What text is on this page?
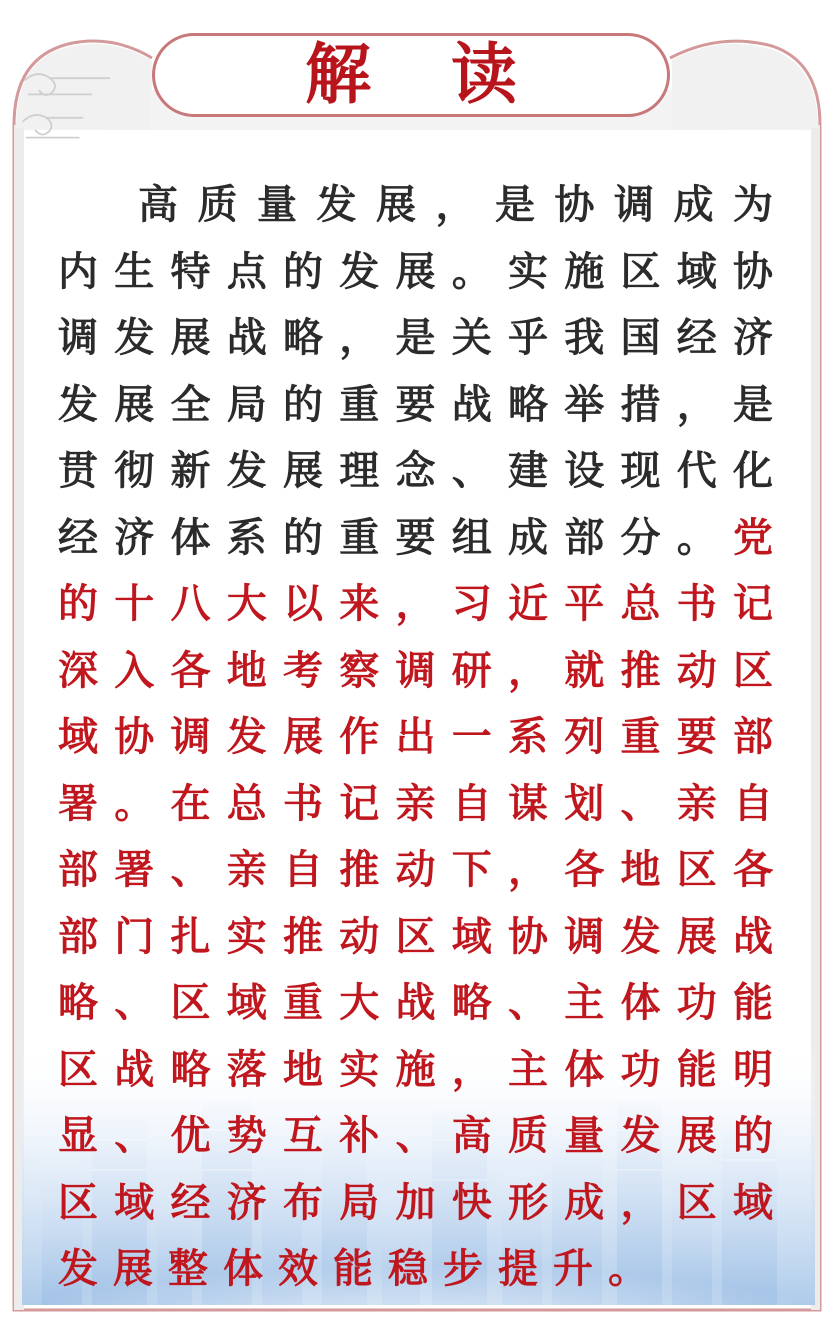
解读

高质量发展，是协调成为内生特点的发展。实施区域协调发展战略，是关乎我国经济发展全局的重要战略举措，是贯彻新发展理念、建设现代化经济体系的重要组成部分。党的十八大以来，习近平总书记深入各地考察调研，就推动区域协调发展作出一系列重要部署。在总书记亲自谋划、亲自部署、亲自推动下，各地区各部门扎实推动区域协调发展战略、区域重大战略、主体功能区战略落地实施，主体功能明显、优势互补、高质量发展的区域经济布局加快形成，区域发展整体效能稳步提升。
